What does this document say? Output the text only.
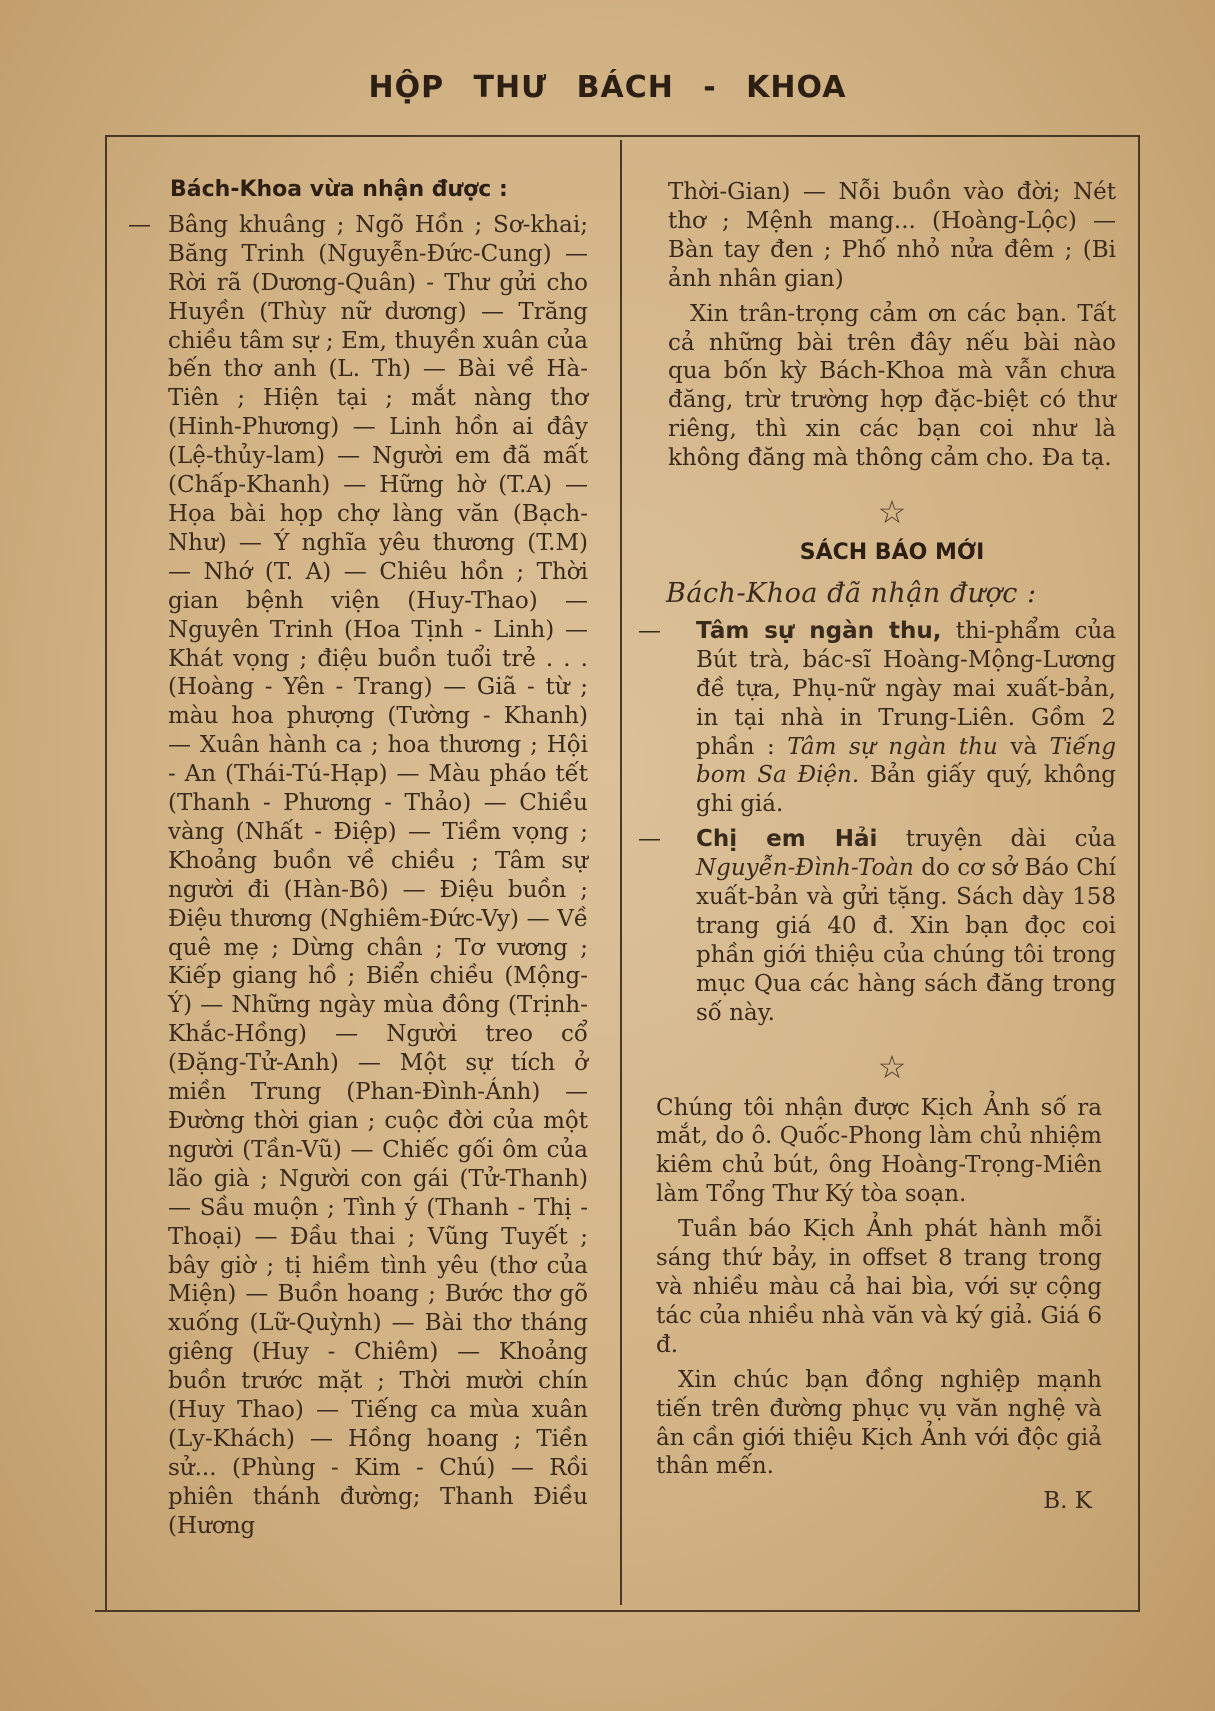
HỘP THƯ BÁCH - KHOA
Bách-Khoa vừa nhận được :
— Bâng khuâng ; Ngõ Hồn ; Sơ-khai; Băng Trinh (Nguyễn-Đức-Cung) — Rời rã (Dương-Quân) - Thư gửi cho Huyền (Thùy nữ dương) — Trăng chiều tâm sự ; Em, thuyền xuân của bến thơ anh (L. Th) — Bài về Hà-Tiên ; Hiện tại ; mắt nàng thơ (Hinh-Phương) — Linh hồn ai đây (Lệ-thủy-lam) — Người em đã mất (Chấp-Khanh) — Hững hờ (T.A) — Họa bài họp chợ làng văn (Bạch-Như) — Ý nghĩa yêu thương (T.M) — Nhớ (T. A) — Chiêu hồn ; Thời gian bệnh viện (Huy-Thao) — Nguyên Trinh (Hoa Tịnh - Linh) — Khát vọng ; điệu buồn tuổi trẻ . . . (Hoàng - Yên - Trang) — Giã - từ ; màu hoa phượng (Tường - Khanh) — Xuân hành ca ; hoa thương ; Hội - An (Thái-Tú-Hạp) — Màu pháo tết (Thanh - Phương - Thảo) — Chiều vàng (Nhất - Điệp) — Tiềm vọng ; Khoảng buồn về chiều ; Tâm sự người đi (Hàn-Bô) — Điệu buồn ; Điệu thương (Nghiêm-Đức-Vy) — Về quê mẹ ; Dừng chân ; Tơ vương ; Kiếp giang hồ ; Biển chiều (Mộng-Ý) — Những ngày mùa đông (Trịnh-Khắc-Hồng) — Người treo cổ (Đặng-Tử-Anh) — Một sự tích ở miền Trung (Phan-Đình-Ánh) — Đường thời gian ; cuộc đời của một người (Tần-Vũ) — Chiếc gối ôm của lão già ; Người con gái (Tử-Thanh) — Sầu muộn ; Tình ý (Thanh - Thị - Thoại) — Đầu thai ; Vũng Tuyết ; bây giờ ; tị hiềm tình yêu (thơ của Miện) — Buồn hoang ; Bước thơ gõ xuống (Lữ-Quỳnh) — Bài thơ tháng giêng (Huy - Chiêm) — Khoảng buồn trước mặt ; Thời mười chín (Huy Thao) — Tiếng ca mùa xuân (Ly-Khách) — Hồng hoang ; Tiền sử... (Phùng - Kim - Chú) — Rồi phiên thánh đường; Thanh Điều (Hương
Thời-Gian) — Nỗi buồn vào đời; Nét thơ ; Mệnh mang... (Hoàng-Lộc) — Bàn tay đen ; Phố nhỏ nửa đêm ; (Bi ảnh nhân gian)
Xin trân-trọng cảm ơn các bạn. Tất cả những bài trên đây nếu bài nào qua bốn kỳ Bách-Khoa mà vẫn chưa đăng, trừ trường hợp đặc-biệt có thư riêng, thì xin các bạn coi như là không đăng mà thông cảm cho. Đa tạ.
☆
SÁCH BÁO MỚI
Bách-Khoa đã nhận được :
— Tâm sự ngàn thu, thi-phẩm của Bút trà, bác-sĩ Hoàng-Mộng-Lương đề tựa, Phụ-nữ ngày mai xuất-bản, in tại nhà in Trung-Liên. Gồm 2 phần : Tâm sự ngàn thu và Tiếng bom Sa Điện. Bản giấy quý, không ghi giá.
— Chị em Hải truyện dài của Nguyễn-Đình-Toàn do cơ sở Báo Chí xuất-bản và gửi tặng. Sách dày 158 trang giá 40 đ. Xin bạn đọc coi phần giới thiệu của chúng tôi trong mục Qua các hàng sách đăng trong số này.
☆
Chúng tôi nhận được Kịch Ảnh số ra mắt, do ô. Quốc-Phong làm chủ nhiệm kiêm chủ bút, ông Hoàng-Trọng-Miên làm Tổng Thư Ký tòa soạn.
Tuần báo Kịch Ảnh phát hành mỗi sáng thứ bảy, in offset 8 trang trong và nhiều màu cả hai bìa, với sự cộng tác của nhiều nhà văn và ký giả. Giá 6 đ.
Xin chúc bạn đồng nghiệp mạnh tiến trên đường phục vụ văn nghệ và ân cần giới thiệu Kịch Ảnh với độc giả thân mến.
B. K
